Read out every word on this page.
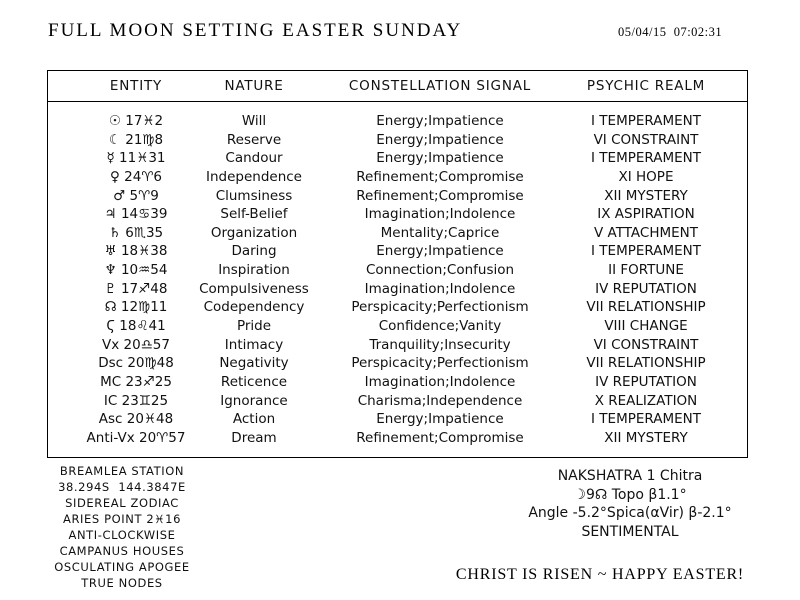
FULL MOON SETTING EASTER SUNDAY	05/04/15  07:02:31
ENTITY	NATURE	CONSTELLATION SIGNAL	PSYCHIC REALM
☉ 17♓2	Will	Energy;Impatience	I TEMPERAMENT
☾ 21♍8	Reserve	Energy;Impatience	VI CONSTRAINT
☿ 11♓31	Candour	Energy;Impatience	I TEMPERAMENT
♀ 24♈6	Independence	Refinement;Compromise	XI HOPE
♂ 5♈9	Clumsiness	Refinement;Compromise	XII MYSTERY
♃ 14♋39	Self-Belief	Imagination;Indolence	IX ASPIRATION
♄ 6♏35	Organization	Mentality;Caprice	V ATTACHMENT
♅ 18♓38	Daring	Energy;Impatience	I TEMPERAMENT
♆ 10♒54	Inspiration	Connection;Confusion	II FORTUNE
♇ 17♐48	Compulsiveness	Imagination;Indolence	IV REPUTATION
☊ 12♍11	Codependency	Perspicacity;Perfectionism	VII RELATIONSHIP
Ϛ 18♌41	Pride	Confidence;Vanity	VIII CHANGE
Vx 20♎57	Intimacy	Tranquility;Insecurity	VI CONSTRAINT
Dsc 20♍48	Negativity	Perspicacity;Perfectionism	VII RELATIONSHIP
MC 23♐25	Reticence	Imagination;Indolence	IV REPUTATION
IC 23♊25	Ignorance	Charisma;Independence	X REALIZATION
Asc 20♓48	Action	Energy;Impatience	I TEMPERAMENT
Anti-Vx 20♈57	Dream	Refinement;Compromise	XII MYSTERY
BREAMLEA STATION
38.294S  144.3847E
SIDEREAL ZODIAC
ARIES POINT 2♓16
ANTI-CLOCKWISE
CAMPANUS HOUSES
OSCULATING APOGEE
TRUE NODES
NAKSHATRA 1 Chitra
☽9☊ Topo β1.1°
Angle -5.2°Spica(αVir) β-2.1°
SENTIMENTAL
CHRIST IS RISEN ~ HAPPY EASTER!
